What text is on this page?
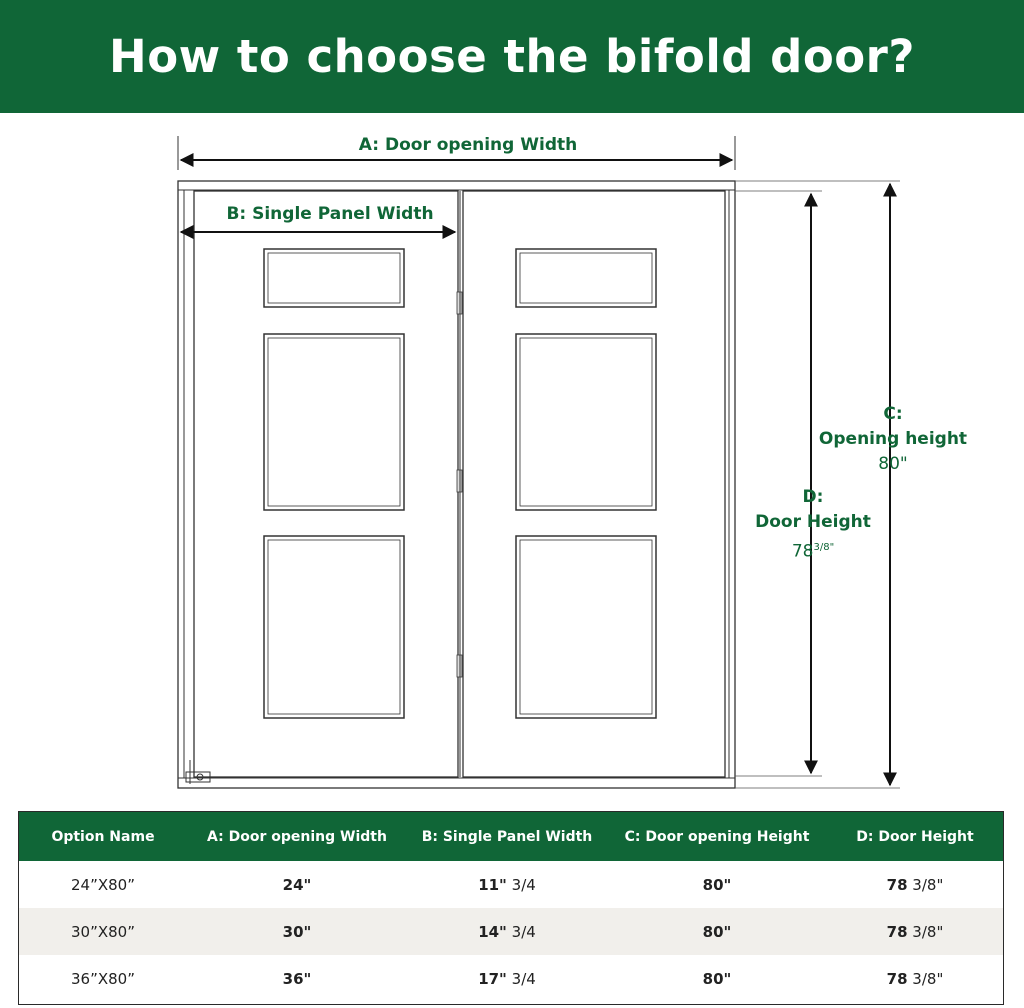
How to choose the bifold door?
A: Door opening Width
B: Single Panel Width
C:
Opening height
80"
D:
Door Height
$78^{3/8"}$
Option Name	A: Door opening Width	B: Single Panel Width	C: Door opening Height	D: Door Height
24”X80”	24"	11" 3/4	80"	78 3/8"
30”X80”	30"	14" 3/4	80"	78 3/8"
36”X80”	36"	17" 3/4	80"	78 3/8"
